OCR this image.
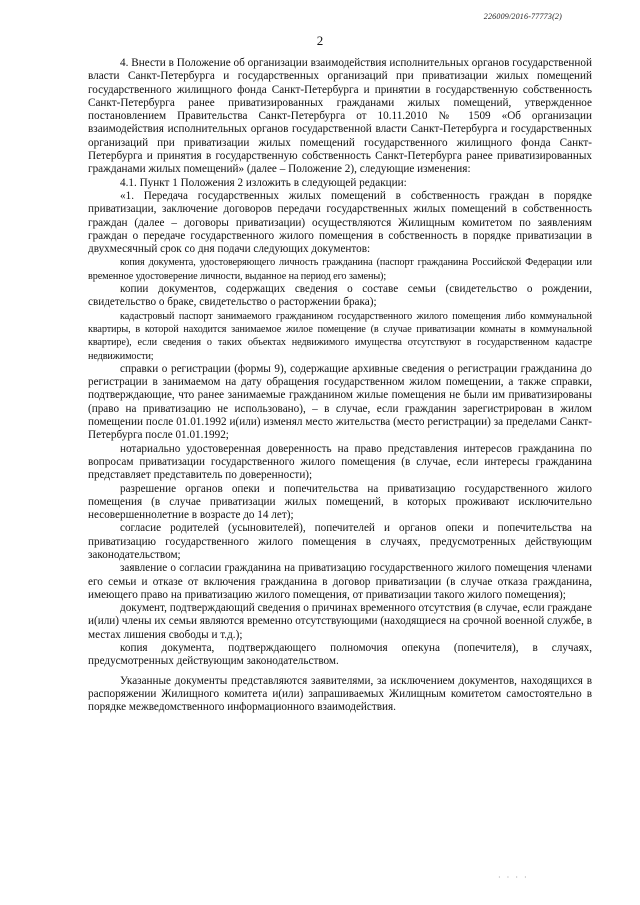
226009/2016-77773(2)
2

4. Внести в Положение об организации взаимодействия исполнительных органов государственной власти Санкт-Петербурга и государственных организаций при приватизации жилых помещений государственного жилищного фонда Санкт-Петербурга и принятии в государственную собственность Санкт-Петербурга ранее приватизированных гражданами жилых помещений, утвержденное постановлением Правительства Санкт-Петербурга от 10.11.2010 № 1509 «Об организации взаимодействия исполнительных органов государственной власти Санкт-Петербурга и государственных организаций при приватизации жилых помещений государственного жилищного фонда Санкт-Петербурга и принятия в государственную собственность Санкт-Петербурга ранее приватизированных гражданами жилых помещений» (далее – Положение 2), следующие изменения:

4.1. Пункт 1 Положения 2 изложить в следующей редакции:

«1. Передача государственных жилых помещений в собственность граждан в порядке приватизации, заключение договоров передачи государственных жилых помещений в собственность граждан (далее – договоры приватизации) осуществляются Жилищным комитетом по заявлениям граждан о передаче государственного жилого помещения в собственность в порядке приватизации в двухмесячный срок со дня подачи следующих документов:

копия документа, удостоверяющего личность гражданина (паспорт гражданина Российской Федерации или временное удостоверение личности, выданное на период его замены);

копии документов, содержащих сведения о составе семьи (свидетельство о рождении, свидетельство о браке, свидетельство о расторжении брака);

кадастровый паспорт занимаемого гражданином государственного жилого помещения либо коммунальной квартиры, в которой находится занимаемое жилое помещение (в случае приватизации комнаты в коммунальной квартире), если сведения о таких объектах недвижимого имущества отсутствуют в государственном кадастре недвижимости;

справки о регистрации (формы 9), содержащие архивные сведения о регистрации гражданина до регистрации в занимаемом на дату обращения государственном жилом помещении, а также справки, подтверждающие, что ранее занимаемые гражданином жилые помещения не были им приватизированы (право на приватизацию не использовано), – в случае, если гражданин зарегистрирован в жилом помещении после 01.01.1992 и(или) изменял место жительства (место регистрации) за пределами Санкт-Петербурга после 01.01.1992;

нотариально удостоверенная доверенность на право представления интересов гражданина по вопросам приватизации государственного жилого помещения (в случае, если интересы гражданина представляет представитель по доверенности);

разрешение органов опеки и попечительства на приватизацию государственного жилого помещения (в случае приватизации жилых помещений, в которых проживают исключительно несовершеннолетние в возрасте до 14 лет);

согласие родителей (усыновителей), попечителей и органов опеки и попечительства на приватизацию государственного жилого помещения в случаях, предусмотренных действующим законодательством;

заявление о согласии гражданина на приватизацию государственного жилого помещения членами его семьи и отказе от включения гражданина в договор приватизации (в случае отказа гражданина, имеющего право на приватизацию жилого помещения, от приватизации такого жилого помещения);

документ, подтверждающий сведения о причинах временного отсутствия (в случае, если граждане и(или) члены их семьи являются временно отсутствующими (находящиеся на срочной военной службе, в местах лишения свободы и т.д.);

копия документа, подтверждающего полномочия опекуна (попечителя), в случаях, предусмотренных действующим законодательством.

Указанные документы представляются заявителями, за исключением документов, находящихся в распоряжении Жилищного комитета и(или) запрашиваемых Жилищным комитетом самостоятельно в порядке межведомственного информационного взаимодействия.

· · · ·
